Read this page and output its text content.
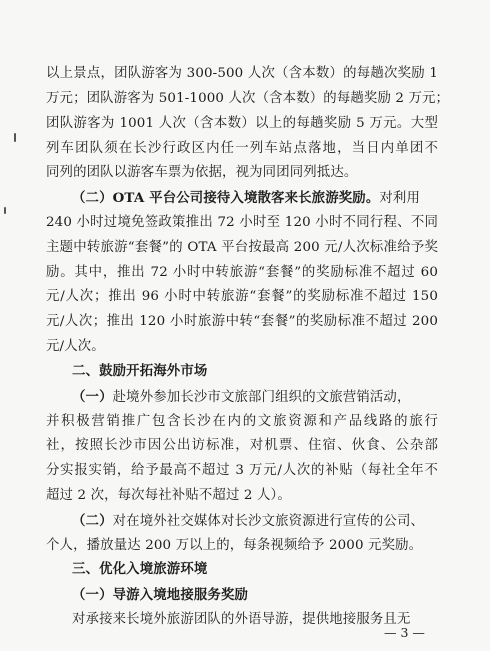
以上景点，团队游客为 300-500 人次（含本数）的每趟次奖励 1
万元；团队游客为 501-1000 人次（含本数）的每趟奖励 2 万元；
团队游客为 1001 人次（含本数）以上的每趟奖励 5 万元。大型
列车团队须在长沙行政区内任一列车站点落地，当日内单团不
同列的团队以游客车票为依据，视为同团同列抵达。
（二）OTA 平台公司接待入境散客来长旅游奖励。对利用
240 小时过境免签政策推出 72 小时至 120 小时不同行程、不同
主题中转旅游“套餐”的 OTA 平台按最高 200 元/人次标准给予奖
励。其中，推出 72 小时中转旅游“套餐”的奖励标准不超过 60
元/人次；推出 96 小时中转旅游“套餐”的奖励标准不超过 150
元/人次；推出 120 小时旅游中转“套餐”的奖励标准不超过 200
元/人次。
二、鼓励开拓海外市场
（一）赴境外参加长沙市文旅部门组织的文旅营销活动，
并积极营销推广包含长沙在内的文旅资源和产品线路的旅行
社，按照长沙市因公出访标准，对机票、住宿、伙食、公杂部
分实报实销，给予最高不超过 3 万元/人次的补贴（每社全年不
超过 2 次，每次每社补贴不超过 2 人）。
（二）对在境外社交媒体对长沙文旅资源进行宣传的公司、
个人，播放量达 200 万以上的，每条视频给予 2000 元奖励。
三、优化入境旅游环境
（一）导游入境地接服务奖励
对承接来长境外旅游团队的外语导游，提供地接服务且无
— 3 —
